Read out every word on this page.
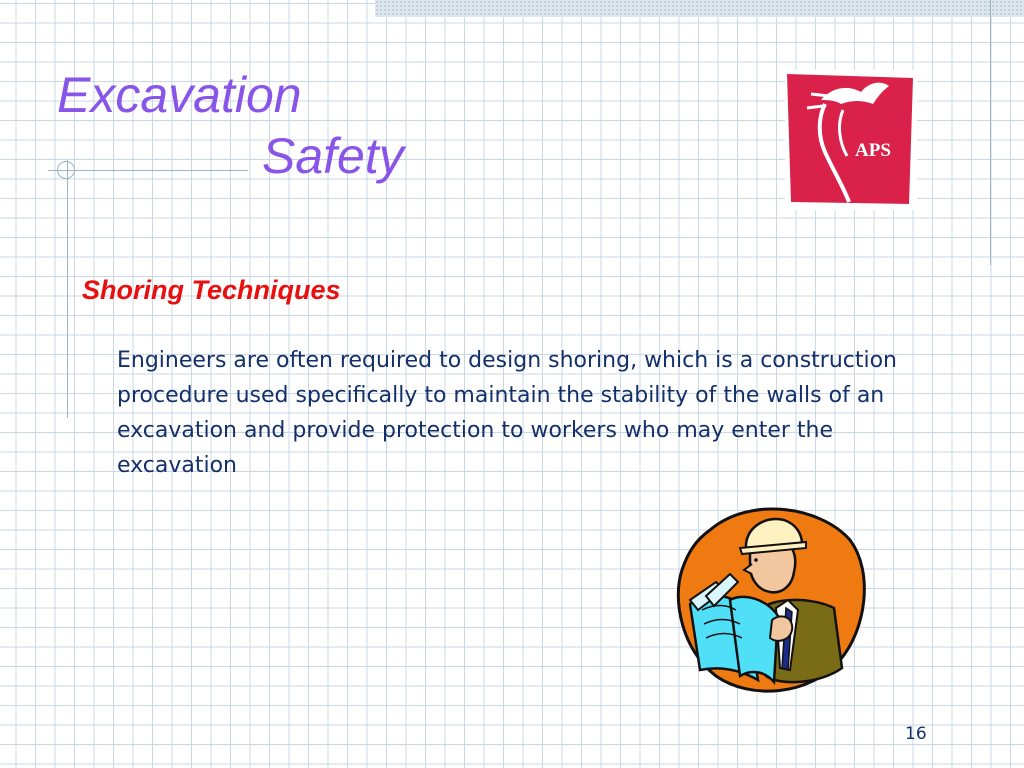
Excavation
Safety	APS
Shoring Techniques
Engineers are often required to design shoring, which is a construction procedure used specifically to maintain the stability of the walls of an excavation and provide protection to workers who may enter the excavation
16
